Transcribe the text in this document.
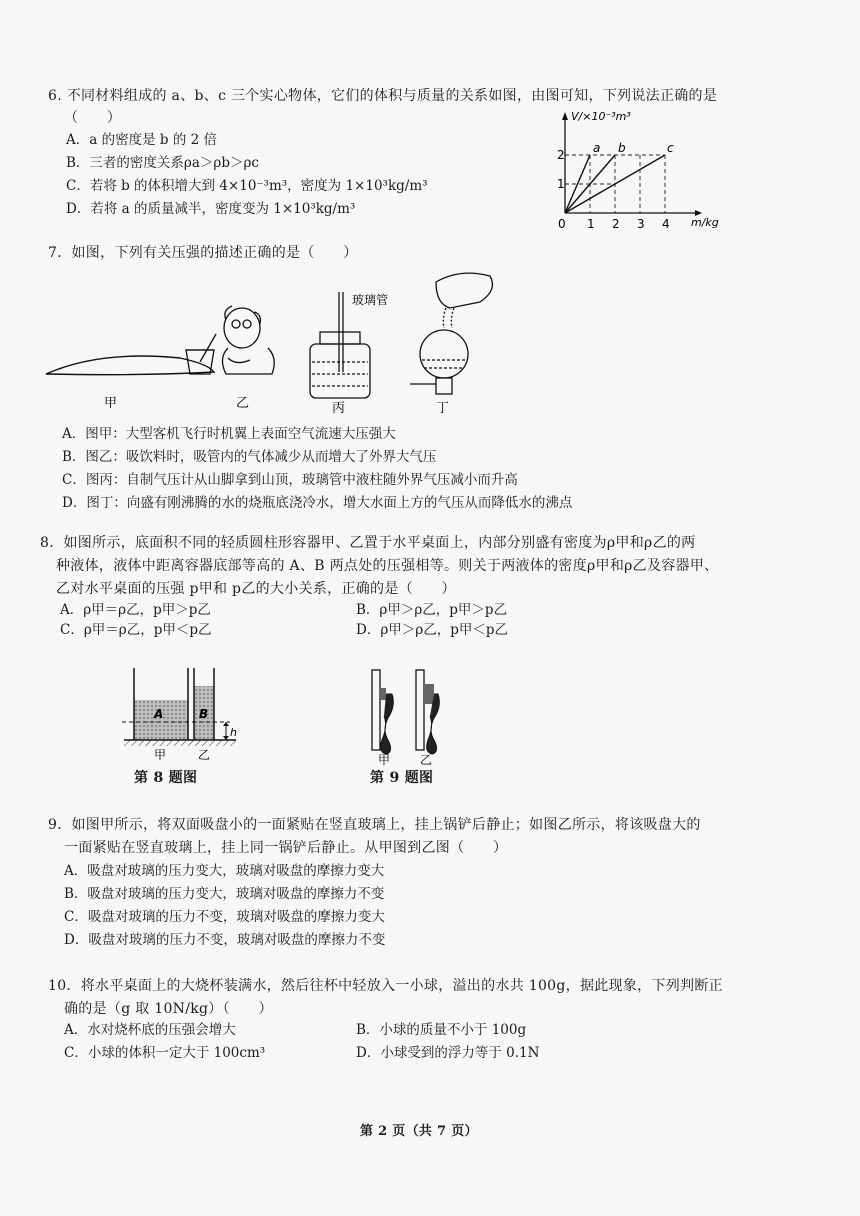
6. 不同材料组成的 a、b、c 三个实心物体，它们的体积与质量的关系如图，由图可知，下列说法正确的是
（　　）
A．a 的密度是 b 的 2 倍
B．三者的密度关系ρa＞ρb＞ρc
C．若将 b 的体积增大到 4×10⁻³m³，密度为 1×10³kg/m³
D．若将 a 的质量减半，密度变为 1×10³kg/m³
a b	c
V/×10⁻³m³
m/kg
2
1
0 1 2 3 4
7．如图，下列有关压强的描述正确的是（　　）
甲	乙
玻璃管
丙	丁
A．图甲：大型客机飞行时机翼上表面空气流速大压强大
B．图乙：吸饮料时，吸管内的气体减少从而增大了外界大气压
C．图丙：自制气压计从山脚拿到山顶，玻璃管中液柱随外界气压减小而升高
D．图丁：向盛有刚沸腾的水的烧瓶底浇冷水，增大水面上方的气压从而降低水的沸点
8．如图所示，底面积不同的轻质圆柱形容器甲、乙置于水平桌面上，内部分别盛有密度为ρ甲和ρ乙的两
种液体，液体中距离容器底部等高的 A、B 两点处的压强相等。则关于两液体的密度ρ甲和ρ乙及容器甲、
乙对水平桌面的压强 p甲和 p乙的大小关系，正确的是（　　）
A．ρ甲＝ρ乙，p甲＞p乙	B．ρ甲＞ρ乙，p甲＞p乙
C．ρ甲＝ρ乙，p甲＜p乙	D．ρ甲＞ρ乙，p甲＜p乙
h
A	B
甲	乙
第 8 题图
甲 乙
第 9 题图
9．如图甲所示，将双面吸盘小的一面紧贴在竖直玻璃上，挂上锅铲后静止；如图乙所示，将该吸盘大的
一面紧贴在竖直玻璃上，挂上同一锅铲后静止。从甲图到乙图（　　）
A．吸盘对玻璃的压力变大，玻璃对吸盘的摩擦力变大
B．吸盘对玻璃的压力变大，玻璃对吸盘的摩擦力不变
C．吸盘对玻璃的压力不变，玻璃对吸盘的摩擦力变大
D．吸盘对玻璃的压力不变，玻璃对吸盘的摩擦力不变
10．将水平桌面上的大烧杯装满水，然后往杯中轻放入一小球，溢出的水共 100g，据此现象，下列判断正
确的是（g 取 10N/kg）（　　）
A．水对烧杯底的压强会增大	B．小球的质量不小于 100g
C．小球的体积一定大于 100cm³	D．小球受到的浮力等于 0.1N
第 2 页（共 7 页）
